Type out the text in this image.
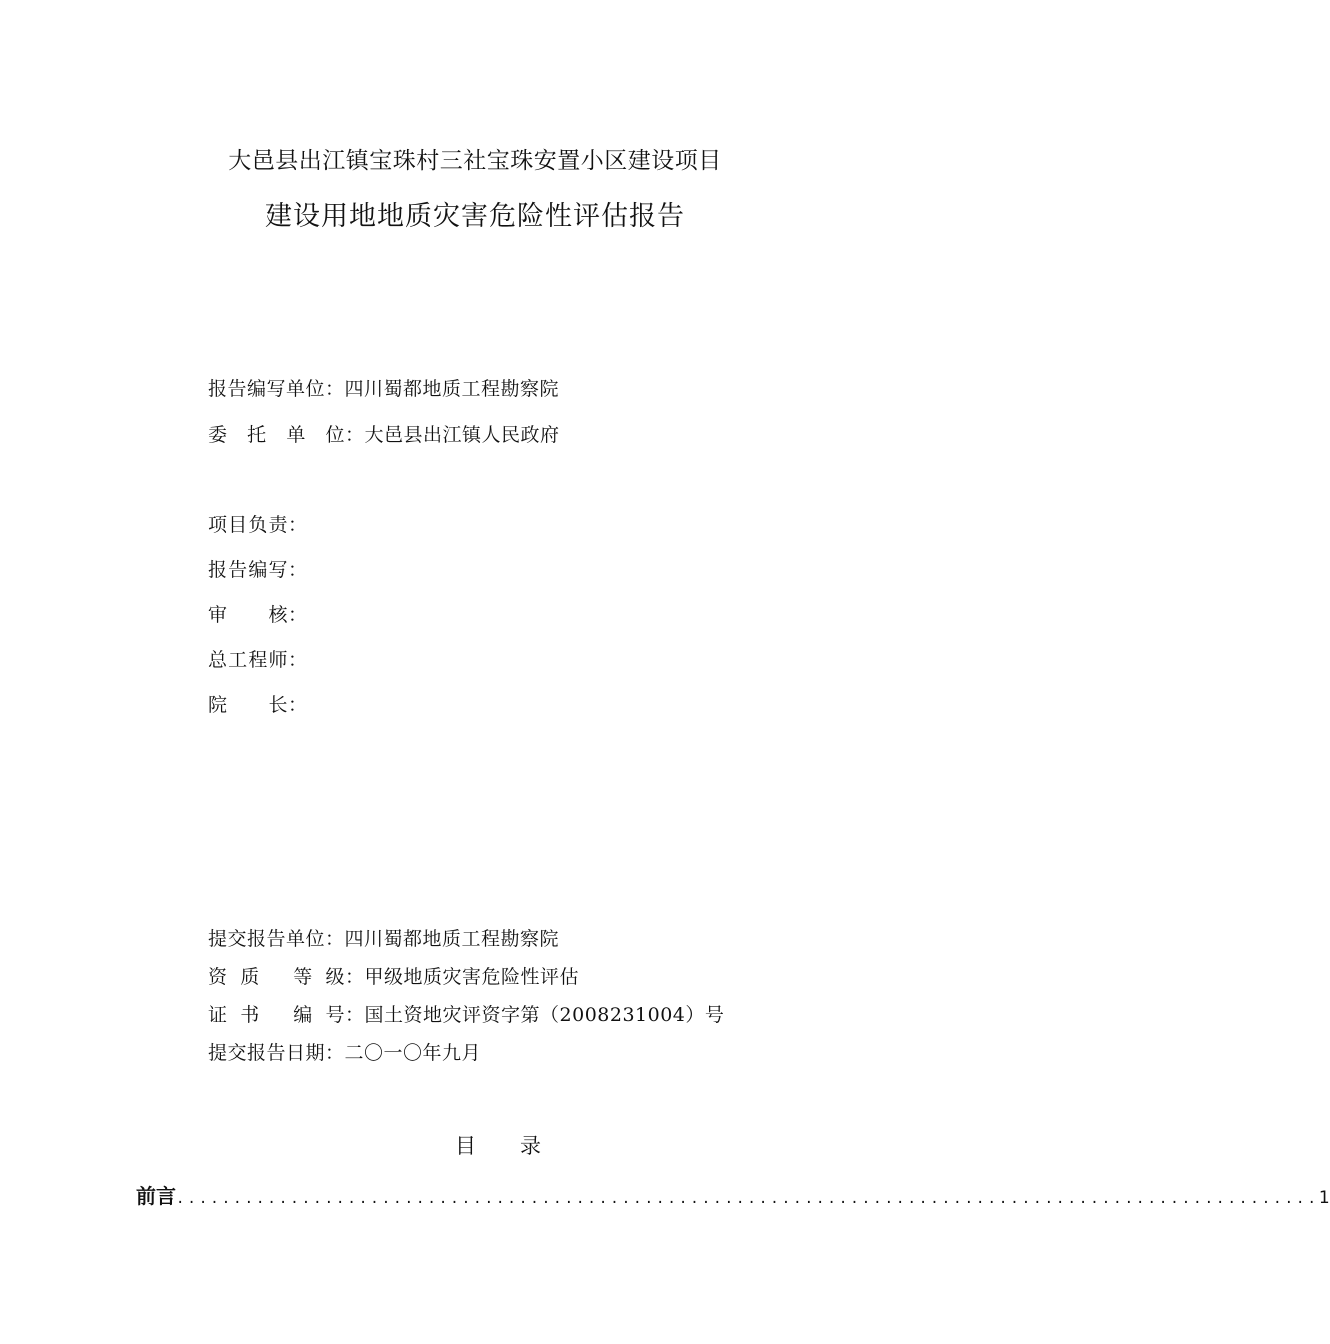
大邑县出江镇宝珠村三社宝珠安置小区建设项目
建设用地地质灾害危险性评估报告
报告编写单位：四川蜀都地质工程勘察院
委 托 单 位 ：大邑县出江镇人民政府
项 目 负 责 ：
报 告 编 写 ：
审 核 ：
总 工 程 师 ：
院 长 ：
提交报告单位：四川蜀都地质工程勘察院
资 质 等 级 ：甲级地质灾害危险性评估
证 书 编 号 ：国土资地灾评资字第（2008231004）号
提交报告日期：二〇一〇年九月
目 录
前 言 .................................................................................................... 1
